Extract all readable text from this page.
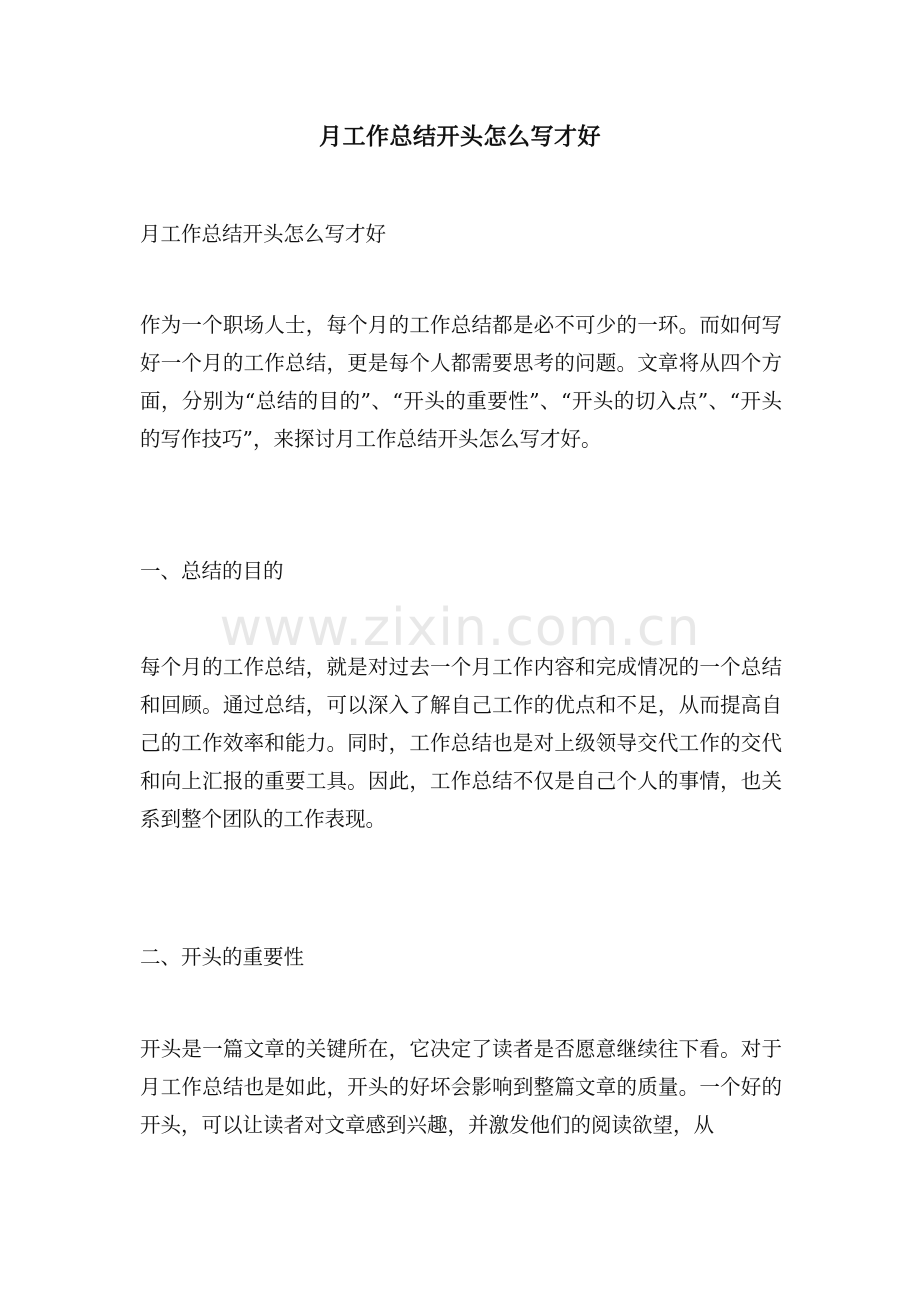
月工作总结开头怎么写才好

月工作总结开头怎么写才好

作为一个职场人士，每个月的工作总结都是必不可少的一环。而如何写好一个月的工作总结，更是每个人都需要思考的问题。文章将从四个方面，分别为“总结的目的”、“开头的重要性”、“开头的切入点”、“开头的写作技巧”，来探讨月工作总结开头怎么写才好。

一、总结的目的

每个月的工作总结，就是对过去一个月工作内容和完成情况的一个总结和回顾。通过总结，可以深入了解自己工作的优点和不足，从而提高自己的工作效率和能力。同时，工作总结也是对上级领导交代工作的交代和向上汇报的重要工具。因此，工作总结不仅是自己个人的事情，也关系到整个团队的工作表现。

二、开头的重要性

开头是一篇文章的关键所在，它决定了读者是否愿意继续往下看。对于月工作总结也是如此，开头的好坏会影响到整篇文章的质量。一个好的开头，可以让读者对文章感到兴趣，并激发他们的阅读欲望，从

www.zixin.com.cn
